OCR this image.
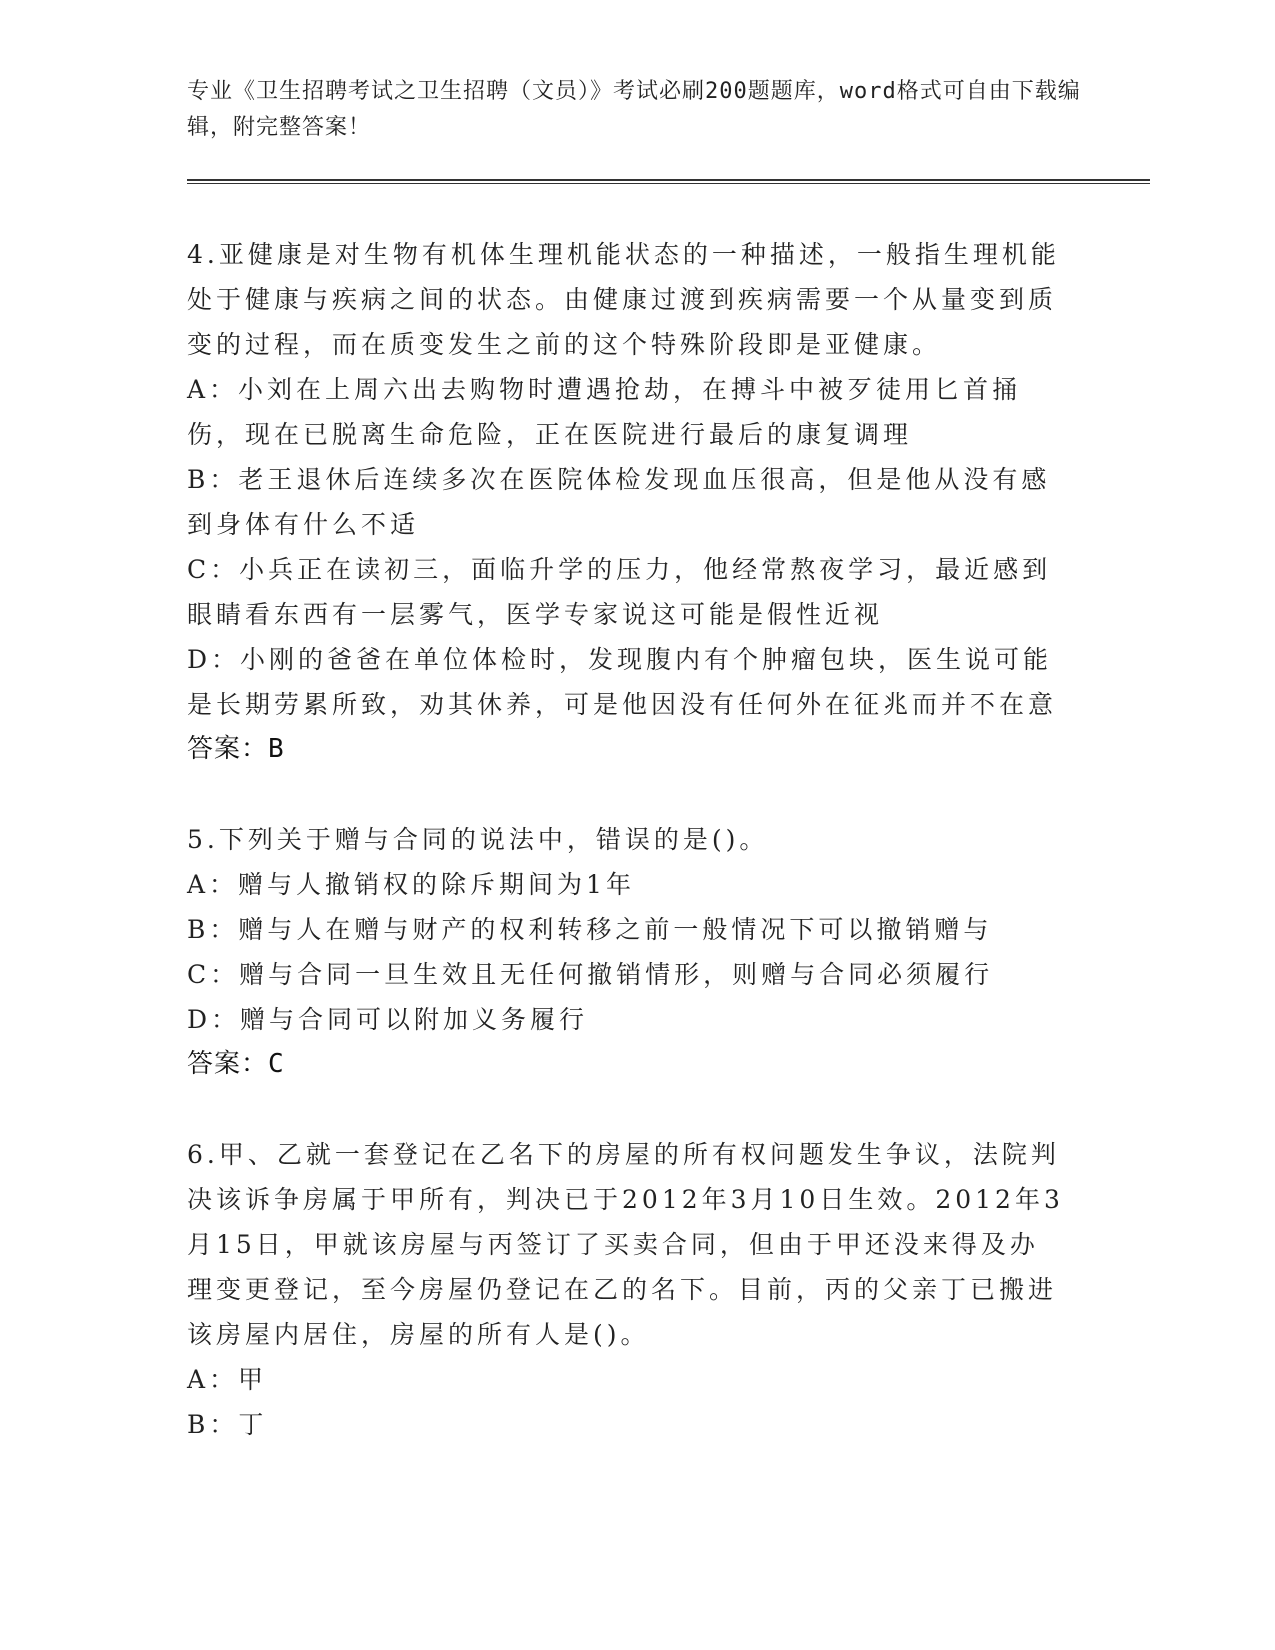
专业《卫生招聘考试之卫生招聘（文员）》考试必刷200题题库，word格式可自由下载编辑，附完整答案！
4.亚健康是对生物有机体生理机能状态的一种描述，一般指生理机能处于健康与疾病之间的状态。由健康过渡到疾病需要一个从量变到质变的过程，而在质变发生之前的这个特殊阶段即是亚健康。
A：小刘在上周六出去购物时遭遇抢劫，在搏斗中被歹徒用匕首捅伤，现在已脱离生命危险，正在医院进行最后的康复调理
B：老王退休后连续多次在医院体检发现血压很高，但是他从没有感到身体有什么不适
C：小兵正在读初三，面临升学的压力，他经常熬夜学习，最近感到眼睛看东西有一层雾气，医学专家说这可能是假性近视
D：小刚的爸爸在单位体检时，发现腹内有个肿瘤包块，医生说可能是长期劳累所致，劝其休养，可是他因没有任何外在征兆而并不在意
答案：B
5.下列关于赠与合同的说法中，错误的是()。
A：赠与人撤销权的除斥期间为1年
B：赠与人在赠与财产的权利转移之前一般情况下可以撤销赠与
C：赠与合同一旦生效且无任何撤销情形，则赠与合同必须履行
D：赠与合同可以附加义务履行
答案：C
6.甲、乙就一套登记在乙名下的房屋的所有权问题发生争议，法院判决该诉争房属于甲所有，判决已于2012年3月10日生效。2012年3月15日，甲就该房屋与丙签订了买卖合同，但由于甲还没来得及办理变更登记，至今房屋仍登记在乙的名下。目前，丙的父亲丁已搬进该房屋内居住，房屋的所有人是()。
A：甲
B：丁
